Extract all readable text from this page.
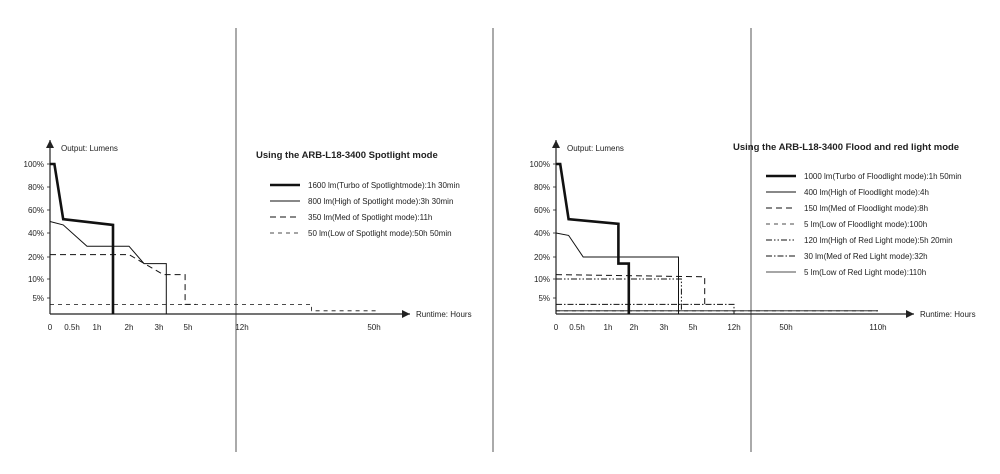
Output: Lumens
Runtime: Hours
Using the ARB-L18-3400 Spotlight mode
100%
80%
60%
40%
20%
10%
5%
0 0.5h 1h	2h	3h	5h	12h	50h
1600 lm(Turbo of Spotlightmode):1h 30min
800 lm(High of Spotlight mode):3h 30min
350 lm(Med of Spotlight mode):11h
50 lm(Low of Spotlight mode):50h 50min
Output: Lumens
Runtime: Hours
Using the ARB-L18-3400 Flood and red light mode
100%
80%
60%
40%
20%
10%
5%
0 0.5h 1h 2h	3h	5h	12h	50h	110h
1000 lm(Turbo of Floodlight mode):1h 50min
400 lm(High of Floodlight mode):4h
150 lm(Med of Floodlight mode):8h
5 lm(Low of Floodlight mode):100h
120 lm(High of Red Light mode):5h 20min
30 lm(Med of Red Light mode):32h
5 lm(Low of Red Light mode):110h
